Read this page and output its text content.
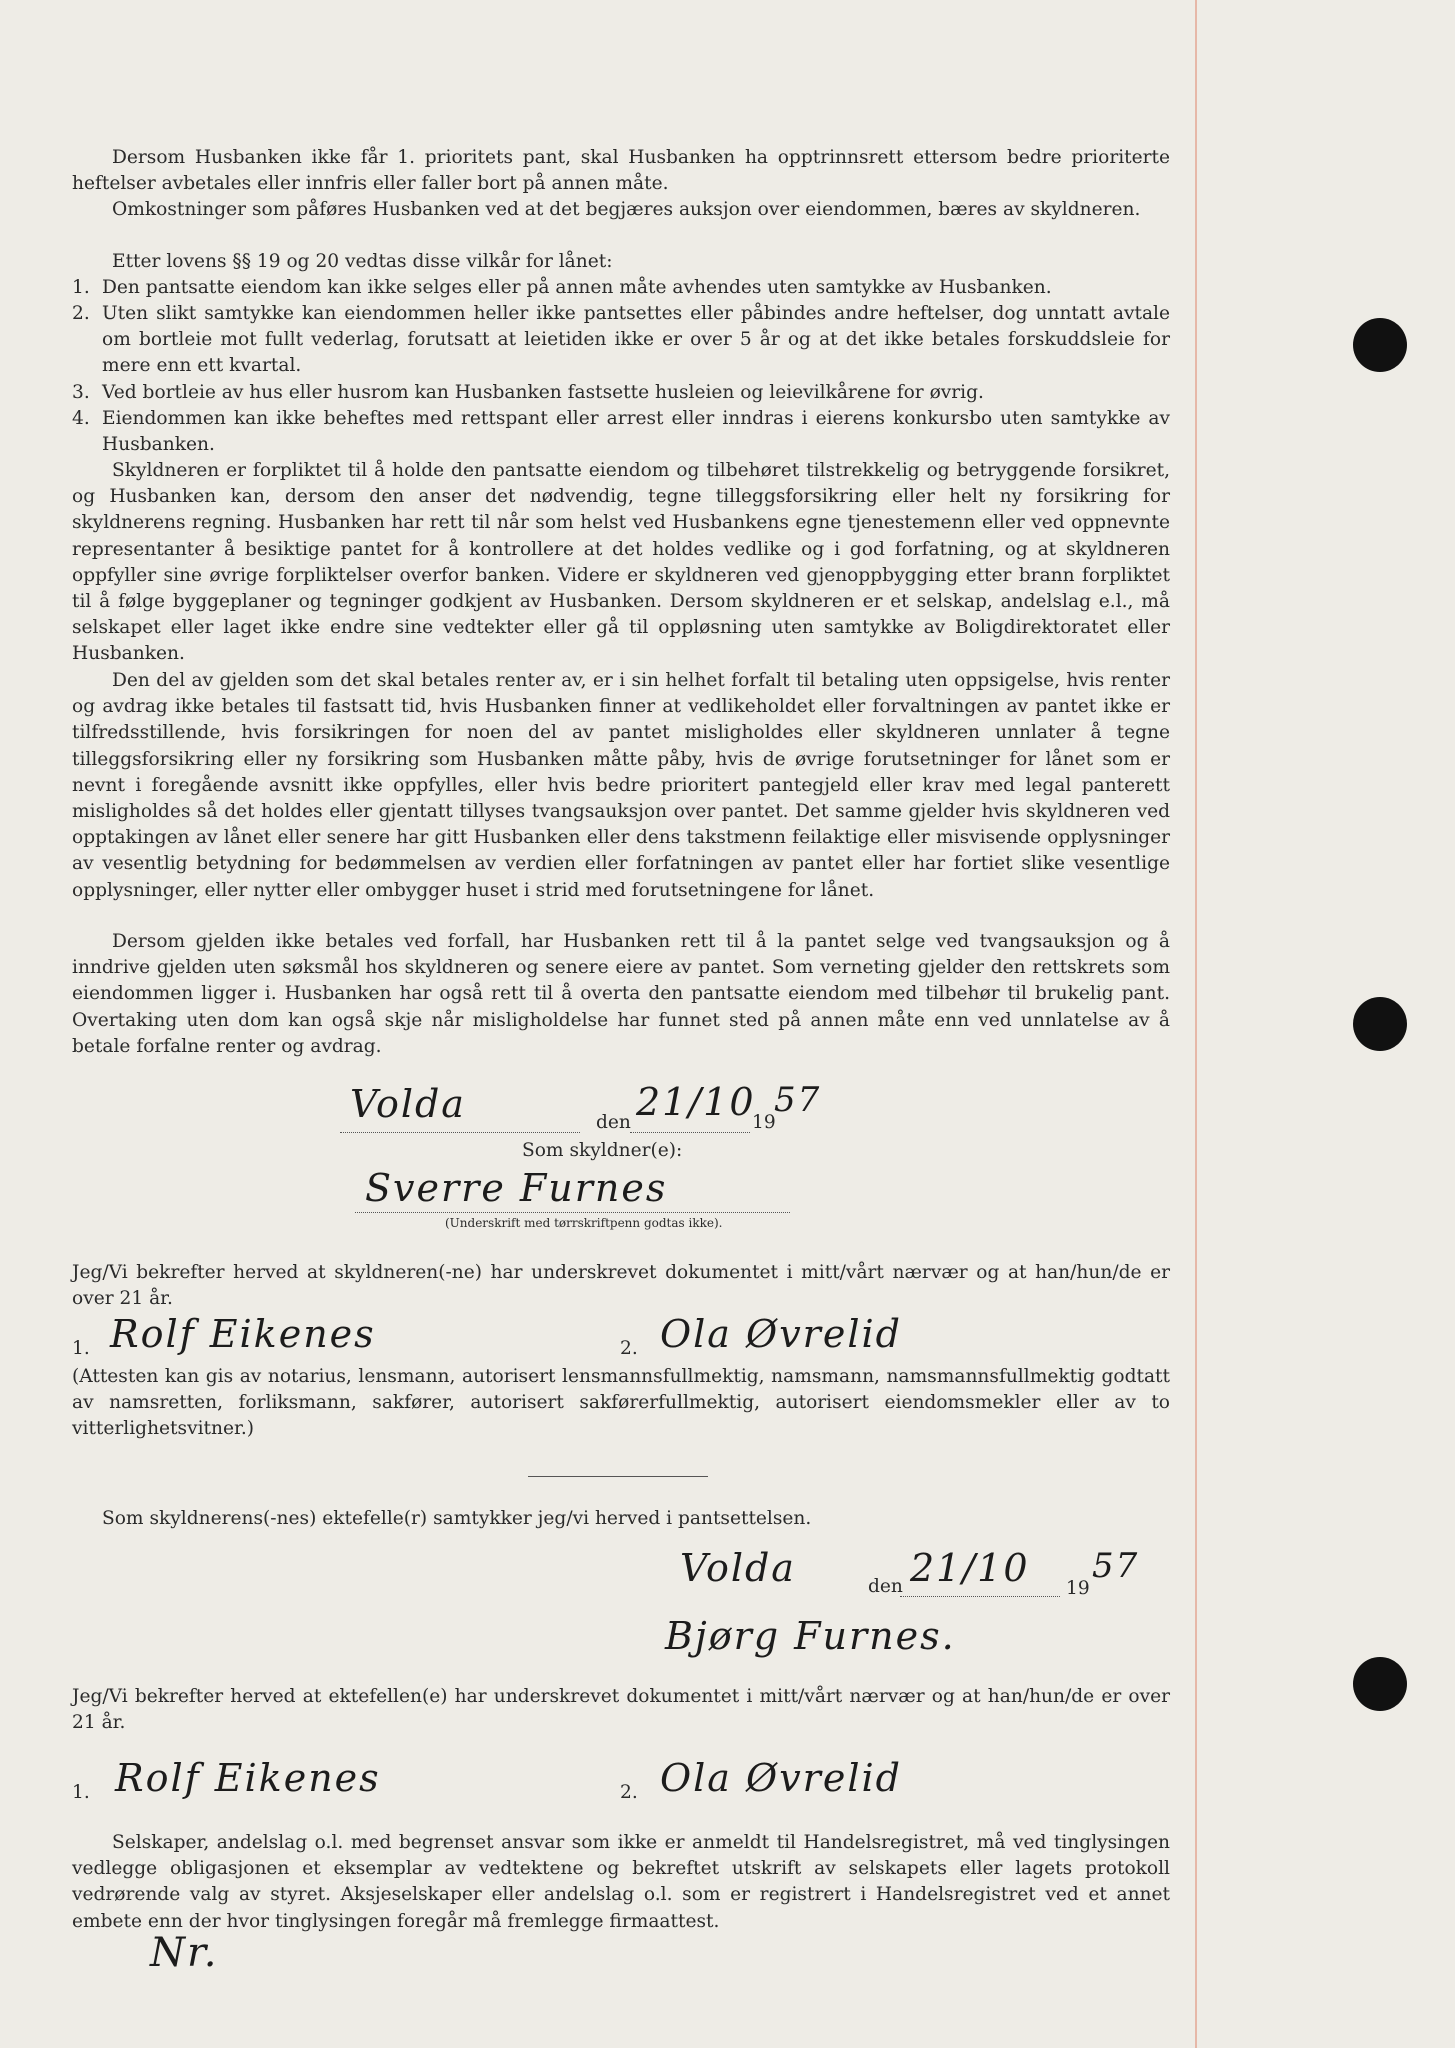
Dersom Husbanken ikke får 1. prioritets pant, skal Husbanken ha opptrinnsrett ettersom bedre prioriterte heftelser avbetales eller innfris eller faller bort på annen måte.
Omkostninger som påføres Husbanken ved at det begjæres auksjon over eiendommen, bæres av skyldneren.
Etter lovens §§ 19 og 20 vedtas disse vilkår for lånet:
1. Den pantsatte eiendom kan ikke selges eller på annen måte avhendes uten samtykke av Husbanken.
2. Uten slikt samtykke kan eiendommen heller ikke pantsettes eller påbindes andre heftelser, dog unntatt avtale om bortleie mot fullt vederlag, forutsatt at leietiden ikke er over 5 år og at det ikke betales forskuddsleie for mere enn ett kvartal.
3. Ved bortleie av hus eller husrom kan Husbanken fastsette husleien og leievilkårene for øvrig.
4. Eiendommen kan ikke beheftes med rettspant eller arrest eller inndras i eierens konkursbo uten samtykke av Husbanken.
Skyldneren er forpliktet til å holde den pantsatte eiendom og tilbehøret tilstrekkelig og betryggende forsikret, og Husbanken kan, dersom den anser det nødvendig, tegne tilleggsforsikring eller helt ny forsikring for skyldnerens regning. Husbanken har rett til når som helst ved Husbankens egne tjenestemenn eller ved oppnevnte representanter å besiktige pantet for å kontrollere at det holdes vedlike og i god forfatning, og at skyldneren oppfyller sine øvrige forpliktelser overfor banken. Videre er skyldneren ved gjenoppbygging etter brann forpliktet til å følge byggeplaner og tegninger godkjent av Husbanken. Dersom skyldneren er et selskap, andelslag e.l., må selskapet eller laget ikke endre sine vedtekter eller gå til oppløsning uten samtykke av Boligdirektoratet eller Husbanken.
Den del av gjelden som det skal betales renter av, er i sin helhet forfalt til betaling uten oppsigelse, hvis renter og avdrag ikke betales til fastsatt tid, hvis Husbanken finner at vedlikeholdet eller forvaltningen av pantet ikke er tilfredsstillende, hvis forsikringen for noen del av pantet misligholdes eller skyldneren unnlater å tegne tilleggsforsikring eller ny forsikring som Husbanken måtte påby, hvis de øvrige forutsetninger for lånet som er nevnt i foregående avsnitt ikke oppfylles, eller hvis bedre prioritert pantegjeld eller krav med legal panterett misligholdes så det holdes eller gjentatt tillyses tvangsauksjon over pantet. Det samme gjelder hvis skyldneren ved opptakingen av lånet eller senere har gitt Husbanken eller dens takstmenn feilaktige eller misvisende opplysninger av vesentlig betydning for bedømmelsen av verdien eller forfatningen av pantet eller har fortiet slike vesentlige opplysninger, eller nytter eller ombygger huset i strid med forutsetningene for lånet.
Dersom gjelden ikke betales ved forfall, har Husbanken rett til å la pantet selge ved tvangsauksjon og å inndrive gjelden uten søksmål hos skyldneren og senere eiere av pantet. Som verneting gjelder den rettskrets som eiendommen ligger i. Husbanken har også rett til å overta den pantsatte eiendom med tilbehør til brukelig pant. Overtaking uten dom kan også skje når misligholdelse har funnet sted på annen måte enn ved unnlatelse av å betale forfalne renter og avdrag.
Volda	den 21/10
19
57
Som skyldner(e):
Sverre Furnes
(Underskrift med tørrskriftpenn godtas ikke).
Jeg/Vi bekrefter herved at skyldneren(-ne) har underskrevet dokumentet i mitt/vårt nærvær og at han/hun/de er over 21 år.
1. Rolf Eikenes	2. Ola Øvrelid
(Attesten kan gis av notarius, lensmann, autorisert lensmannsfullmektig, namsmann, namsmannsfullmektig godtatt av namsretten, forliksmann, sakfører, autorisert sakførerfullmektig, autorisert eiendomsmekler eller av to vitterlighetsvitner.)
Som skyldnerens(-nes) ektefelle(r) samtykker jeg/vi herved i pantsettelsen.
Volda	den 21/10 19
57
Bjørg Furnes.
Jeg/Vi bekrefter herved at ektefellen(e) har underskrevet dokumentet i mitt/vårt nærvær og at han/hun/de er over 21 år.
1. Rolf Eikenes	2. Ola Øvrelid
Selskaper, andelslag o.l. med begrenset ansvar som ikke er anmeldt til Handelsregistret, må ved tinglysingen vedlegge obligasjonen et eksemplar av vedtektene og bekreftet utskrift av selskapets eller lagets protokoll vedrørende valg av styret. Aksjeselskaper eller andelslag o.l. som er registrert i Handelsregistret ved et annet embete enn der hvor tinglysingen foregår må fremlegge firmaattest.
Nr.
